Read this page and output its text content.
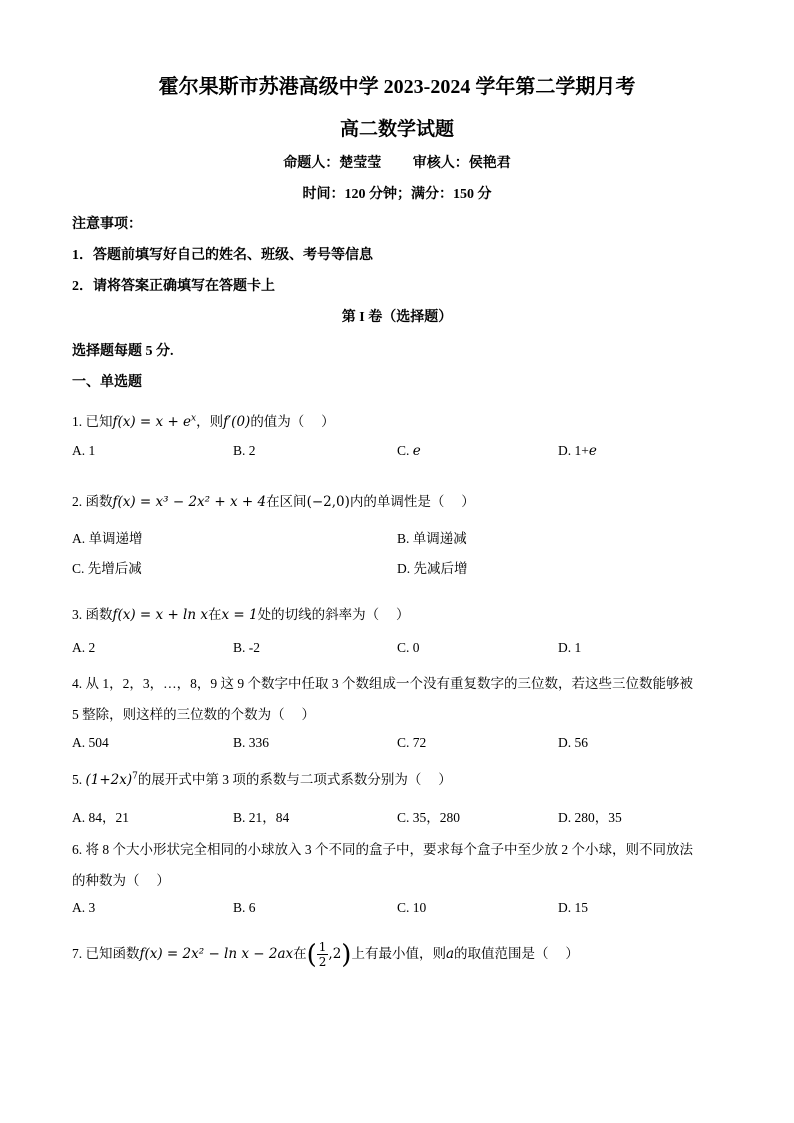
霍尔果斯市苏港高级中学 2023-2024 学年第二学期月考
高二数学试题
命题人：楚莹莹　　 审核人：侯艳君
时间：120 分钟；满分：150 分
注意事项：
1．答题前填写好自己的姓名、班级、考号等信息
2．请将答案正确填写在答题卡上
第 I 卷（选择题）
选择题每题 5 分.
一、单选题
1. 已知$f(x) = x + e^x$，则f′(0)的值为（　 ）
A. 1	B. 2	C. e	D. 1+e
2. 函数f(x) = x³ − 2x² + x + 4在区间(−2,0)内的单调性是（　 ）
A. 单调递增	B. 单调递减
C. 先增后减	D. 先减后增
3. 函数f(x) = x + ln x在x = 1处的切线的斜率为（　 ）
A. 2	B. -2	C. 0	D. 1
4. 从 1，2，3，…，8，9 这 9 个数字中任取 3 个数组成一个没有重复数字的三位数，若这些三位数能够被
5 整除，则这样的三位数的个数为（　 ）
A. 504	B. 336	C. 72	D. 56
5. $(1+2x)^7$的展开式中第 3 项的系数与二项式系数分别为（　 ）
A. 84，21	B. 21，84	C. 35，280	D. 280，35
6. 将 8 个大小形状完全相同的小球放入 3 个不同的盒子中，要求每个盒子中至少放 2 个小球，则不同放法
的种数为（　 ）
A. 3	B. 6	C. 10	D. 15
7. 已知函数f(x) = 2x² − ln x − 2ax在( $\frac{1}{2} ,2$)上有最小值，则a的取值范围是（　 ）
